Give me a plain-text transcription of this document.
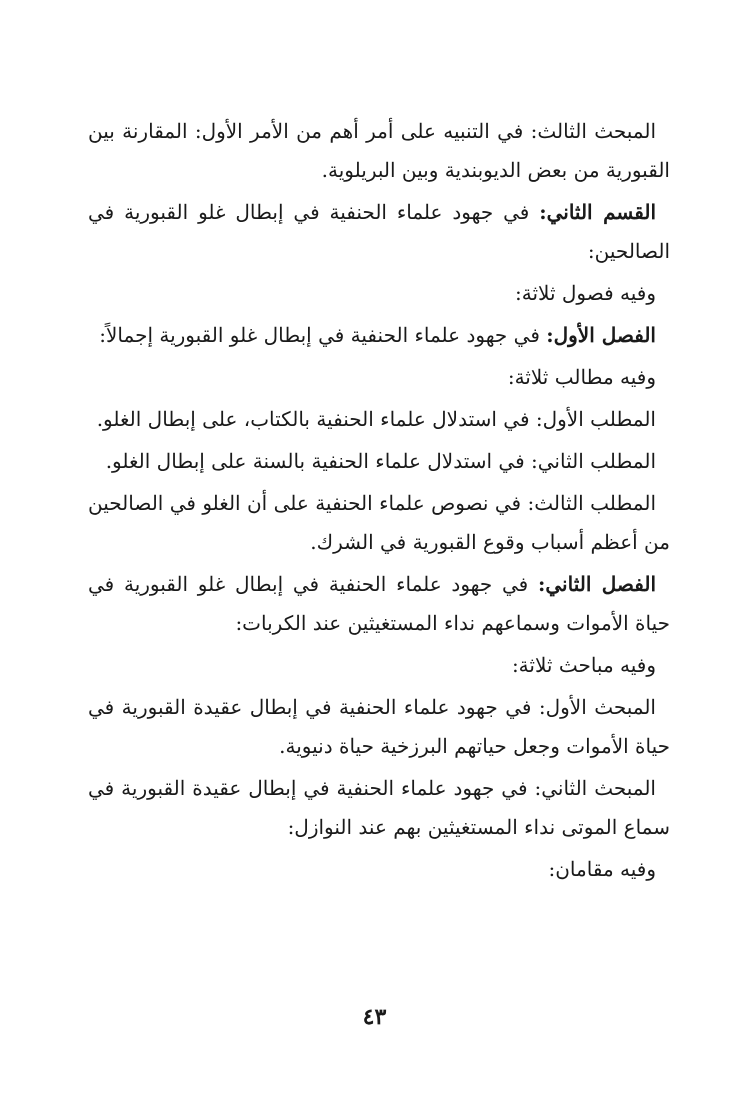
المبحث الثالث: في التنبيه على أمر أهم من الأمر الأول: المقارنة بين القبورية من بعض الديوبندية وبين البريلوية.

القسم الثاني: في جهود علماء الحنفية في إبطال غلو القبورية في الصالحين:

وفيه فصول ثلاثة:

الفصل الأول: في جهود علماء الحنفية في إبطال غلو القبورية إجمالاً:

وفيه مطالب ثلاثة:

المطلب الأول: في استدلال علماء الحنفية بالكتاب، على إبطال الغلو.

المطلب الثاني: في استدلال علماء الحنفية بالسنة على إبطال الغلو.

المطلب الثالث: في نصوص علماء الحنفية على أن الغلو في الصالحين من أعظم أسباب وقوع القبورية في الشرك.

الفصل الثاني: في جهود علماء الحنفية في إبطال غلو القبورية في حياة الأموات وسماعهم نداء المستغيثين عند الكربات:

وفيه مباحث ثلاثة:

المبحث الأول: في جهود علماء الحنفية في إبطال عقيدة القبورية في حياة الأموات وجعل حياتهم البرزخية حياة دنيوية.

المبحث الثاني: في جهود علماء الحنفية في إبطال عقيدة القبورية في سماع الموتى نداء المستغيثين بهم عند النوازل:

وفيه مقامان:

٤٣
